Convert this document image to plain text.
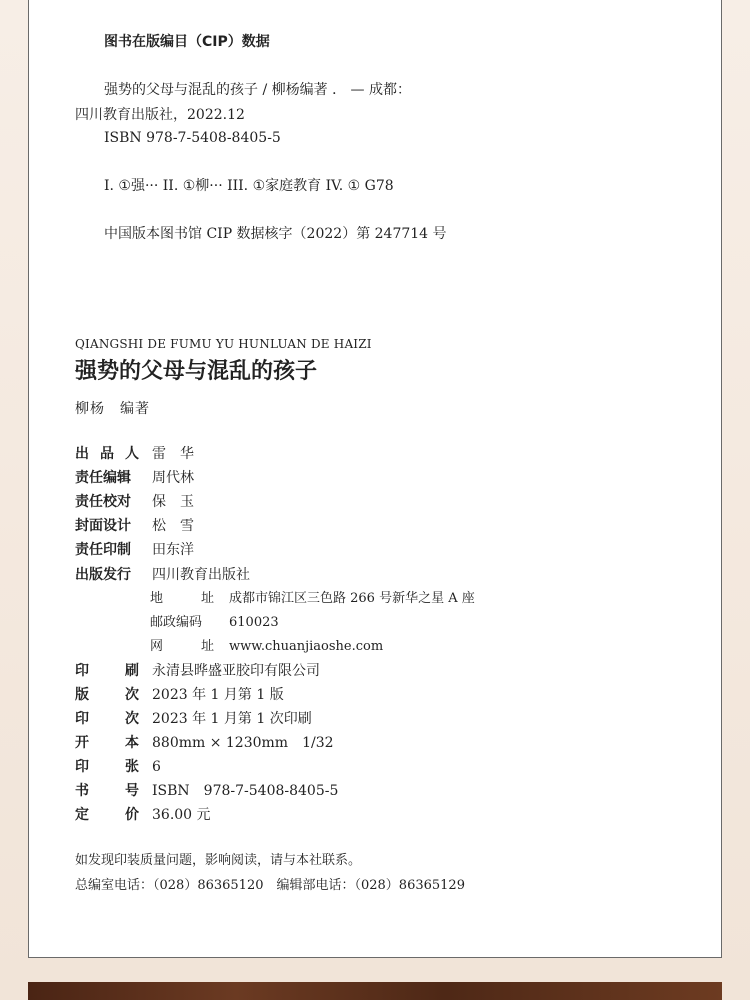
图书在版编目（CIP）数据
强势的父母与混乱的孩子 / 柳杨编著 ． — 成都：
四川教育出版社，2022.12
ISBN 978-7-5408-8405-5
I. ①强··· II. ①柳··· III. ①家庭教育 IV. ① G78
中国版本图书馆 CIP 数据核字（2022）第 247714 号
QIANGSHI DE FUMU YU HUNLUAN DE HAIZI
强势的父母与混乱的孩子
柳杨　编著
出 品 人 雷　华
责任编辑	周代林
责任校对	保　玉
封面设计	松　雪
责任印制	田东洋
出版发行	四川教育出版社
地	址 成都市锦江区三色路 266 号新华之星 A 座
邮政编码	610023
网	址 www.chuanjiaoshe.com
印	刷 永清县晔盛亚胶印有限公司
版	次 2023 年 1 月第 1 版
印	次 2023 年 1 月第 1 次印刷
开	本 880mm × 1230mm　1/32
印	张 6
书	号 ISBN　978-7-5408-8405-5
定	价 36.00 元
如发现印装质量问题，影响阅读，请与本社联系。
总编室电话：（028）86365120　编辑部电话：（028）86365129
